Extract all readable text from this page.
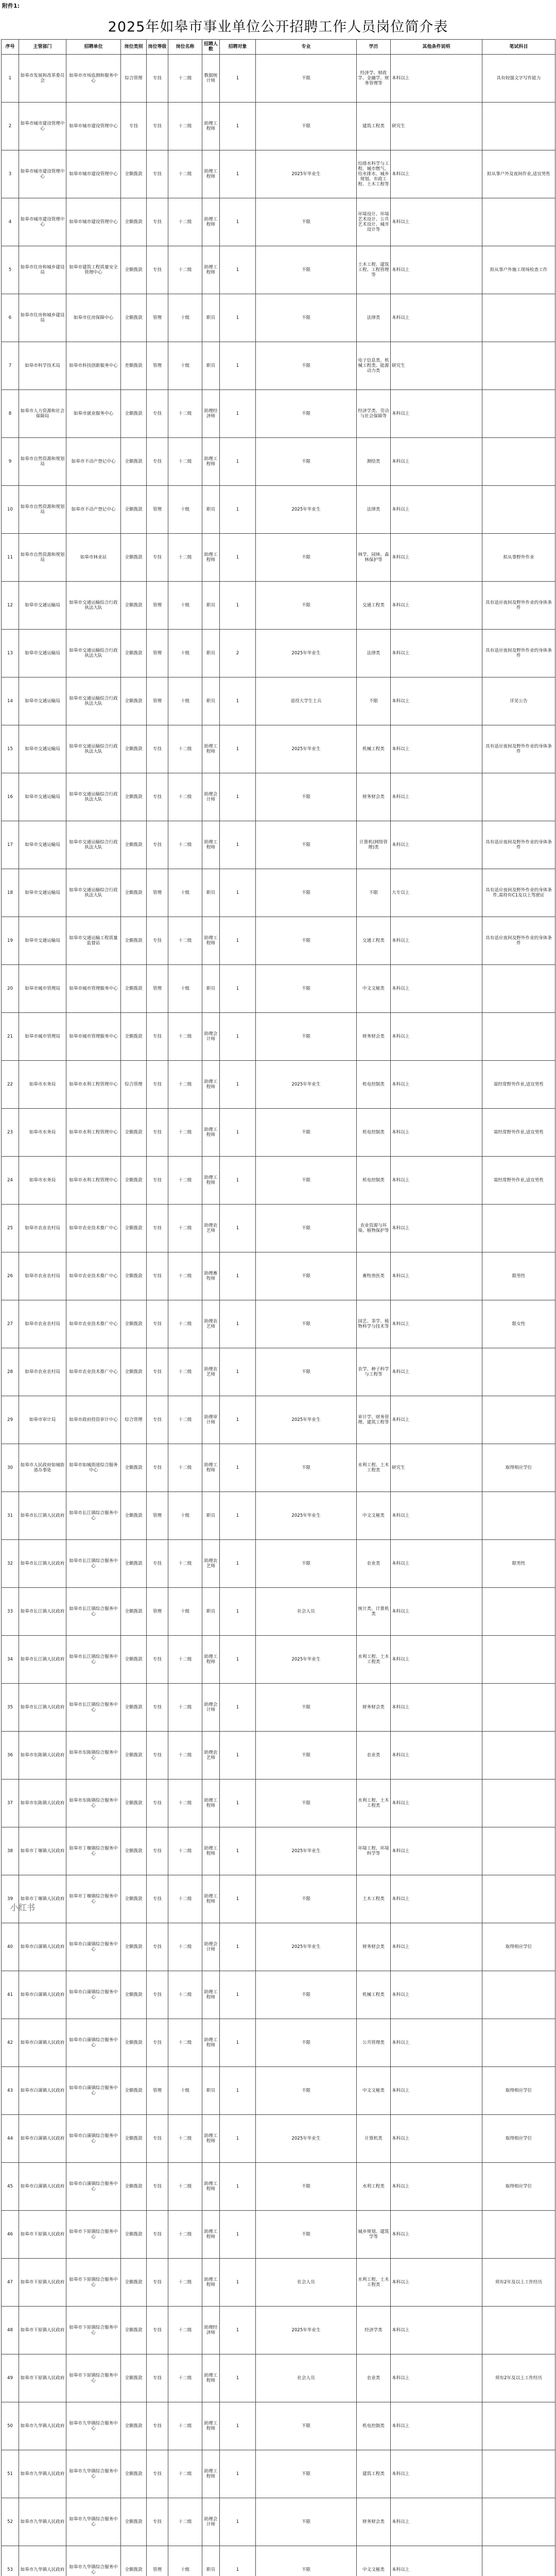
附件1:
2025年如皋市事业单位公开招聘工作人员岗位简介表
序号	主管部门	招聘单位	岗位类别	岗位等级	岗位名称	招聘人数	招聘对象	专业	学历	其他条件说明	笔试科目	
1	如皋市发展和改革委员会	如皋市市场监测和服务中心	综合管理	专技	十二级	数据统计师	1	不限	经济学、财政学、金融学、财务管理等	本科以上	具有较强文字写作能力	
2	如皋市城市建设管理中心	如皋市城市建设管理中心	专技	专技	十二级	助理工程师	1	不限	建筑工程类	研究生		
3	如皋市城市建设管理中心	如皋市城市建设管理中心	全额拨款	专技	十二级	助理工程师	1	2025年毕业生	给排水科学与工程、城市燃气、给水排水、城乡规划、市政工程、土木工程等	本科以上	拟从事户外及夜间作业,适宜男性	
4	如皋市城市建设管理中心	如皋市城市建设管理中心	全额拨款	专技	十二级	助理工程师	1	不限	环境设计、环境艺术设计、公共艺术设计、城市设计等	本科以上		
5	如皋市住房和城乡建设局	如皋市建筑工程质量安全管理中心	全额拨款	专技	十二级	助理工程师	1	不限	土木工程、建筑工程、工程管理等	本科以上	拟从事户外施工现场检查工作	
6	如皋市住房和城乡建设局	如皋市住房保障中心	全额拨款	管理	十级	职员	1	不限	法律类	本科以上		
7	如皋市科学技术局	如皋市科技创新服务中心	差额拨款	管理	十级	职员	1	不限	电子信息类、机械工程类、能源动力类	研究生		
8	如皋市人力资源和社会保障局	如皋市就业服务中心	全额拨款	专技	十二级	助理经济师	1	不限	经济学类、劳动与社会保障等	本科以上		
9	如皋市自然资源和规划局	如皋市不动产登记中心	全额拨款	专技	十二级	助理工程师	1	不限	测绘类	本科以上		
10	如皋市自然资源和规划局	如皋市不动产登记中心	全额拨款	管理	十级	职员	1	2025年毕业生	法律类	本科以上		
11	如皋市自然资源和规划局	如皋市林业站	全额拨款	专技	十二级	助理工程师	1	不限	林学、园林、森林保护等	本科以上	拟从事野外作业	
12	如皋市交通运输局	如皋市交通运输综合行政执法大队	全额拨款	管理	十级	职员	1	不限	交通工程类	本科以上	具有适应夜间及野外作业的身体条件	
13	如皋市交通运输局	如皋市交通运输综合行政执法大队	全额拨款	管理	十级	职员	2	2025年毕业生	法律类	本科以上	具有适应夜间及野外作业的身体条件	
14	如皋市交通运输局	如皋市交通运输综合行政执法大队	全额拨款	管理	十级	职员	1	退役大学生士兵	不限	本科以上	详见公告	
15	如皋市交通运输局	如皋市交通运输综合行政执法大队	全额拨款	专技	十二级	助理工程师	1	2025年毕业生	机械工程类	本科以上	具有适应夜间及野外作业的身体条件	
16	如皋市交通运输局	如皋市交通运输综合行政执法大队	全额拨款	专技	十二级	助理会计师	1	不限	财务财会类	本科以上		
17	如皋市交通运输局	如皋市交通运输综合行政执法大队	全额拨款	专技	十二级	助理工程师	1	不限	计算机(网络管理)类	本科以上	具有适应夜间及野外作业的身体条件	
18	如皋市交通运输局	如皋市交通运输综合行政执法大队	全额拨款	管理	十级	职员	1	不限	不限	大专以上	具有适应夜间及野外作业的身体条件,需持有C1及以上驾驶证	
19	如皋市交通运输局	如皋市交通运输工程质量监督站	全额拨款	专技	十二级	助理工程师	1	不限	交通工程类	本科以上	具有适应夜间及野外作业的身体条件	
20	如皋市城市管理局	如皋市城市管理服务中心	全额拨款	管理	十级	职员	1	不限	中文文秘类	本科以上		
21	如皋市城市管理局	如皋市城市管理服务中心	全额拨款	专技	十二级	助理会计师	1	不限	财务财会类	本科以上		
22	如皋市水务局	如皋市水利工程管理中心	综合管理	专技	十二级	助理工程师	1	2025年毕业生	机电控制类	本科以上	需经常野外作业,适宜男性	
23	如皋市水务局	如皋市水利工程管理中心	全额拨款	专技	十二级	助理工程师	1	不限	机电控制类	本科以上	需经常野外作业,适宜男性	
24	如皋市水务局	如皋市水利工程管理中心	全额拨款	专技	十二级	助理工程师	1	不限	机电控制类	本科以上	需经常野外作业,适宜男性	
25	如皋市农业农村局	如皋市农业技术推广中心	全额拨款	专技	十二级	助理农艺师	1	不限	农业资源与环境、植物保护等	本科以上		
26	如皋市农业农村局	如皋市农业技术推广中心	全额拨款	专技	十二级	助理畜牧师	1	不限	畜牧兽医类	本科以上	限男性	
27	如皋市农业农村局	如皋市农业技术推广中心	全额拨款	专技	十二级	助理农艺师	1	不限	园艺、茶学、植物科学与技术等	本科以上	限女性	
28	如皋市农业农村局	如皋市农业技术推广中心	全额拨款	专技	十二级	助理农艺师	1	不限	农学、种子科学与工程等	本科以上		
29	如皋市审计局	如皋市政府投资审计中心	综合管理	专技	十二级	助理审计师	1	2025年毕业生	审计学、财务管理、建筑工程等	本科以上		
30	如皋市人民政府如城街道办事处	如皋市如城街道综合服务中心	全额拨款	专技	十二级	助理工程师	1	不限	水利工程、土木工程类	研究生	取得相应学位	
31	如皋市长江镇人民政府	如皋市长江镇综合服务中心	全额拨款	管理	十级	职员	1	2025年毕业生	中文文秘类	本科以上		
32	如皋市长江镇人民政府	如皋市长江镇综合服务中心	全额拨款	专技	十二级	助理农艺师	1	不限	农业类	本科以上	限男性	
33	如皋市长江镇人民政府	如皋市长江镇综合服务中心	全额拨款	管理	十级	职员	1	社会人员	统计类、计算机类	本科以上		
34	如皋市长江镇人民政府	如皋市长江镇综合服务中心	全额拨款	专技	十二级	助理工程师	1	2025年毕业生	水利工程、土木工程类	本科以上		
35	如皋市长江镇人民政府	如皋市长江镇综合服务中心	全额拨款	专技	十二级	助理会计师	1	不限	财务财会类	本科以上		
36	如皋市东陈镇人民政府	如皋市东陈镇综合服务中心	全额拨款	专技	十二级	助理农艺师	1	不限	农业类	本科以上		
37	如皋市东陈镇人民政府	如皋市东陈镇综合服务中心	全额拨款	专技	十二级	助理工程师	1	不限	水利工程、土木工程类	本科以上		
38	如皋市丁堰镇人民政府	如皋市丁堰镇综合服务中心	全额拨款	专技	十二级	助理工程师	1	2025年毕业生	环境工程、环境科学等	本科以上		
39	如皋市丁堰镇人民政府	如皋市丁堰镇综合服务中心	全额拨款	专技	十二级	助理工程师	1	不限	土木工程类	本科以上		
40	如皋市白蒲镇人民政府	如皋市白蒲镇综合服务中心	全额拨款	专技	十二级	助理会计师	1	2025年毕业生	财务财会类	本科以上	取得相应学位	
41	如皋市白蒲镇人民政府	如皋市白蒲镇综合服务中心	全额拨款	专技	十二级	助理工程师	1	不限	机械工程类	本科以上		
42	如皋市白蒲镇人民政府	如皋市白蒲镇综合服务中心	全额拨款	专技	十二级	助理工程师	1	不限	公共管理类	本科以上		
43	如皋市白蒲镇人民政府	如皋市白蒲镇综合服务中心	全额拨款	管理	十级	职员	1	不限	中文文秘类	本科以上	取得相应学位	
44	如皋市白蒲镇人民政府	如皋市白蒲镇综合服务中心	全额拨款	专技	十二级	助理工程师	1	2025年毕业生	计算机类	本科以上	取得相应学位	
45	如皋市白蒲镇人民政府	如皋市白蒲镇综合服务中心	全额拨款	专技	十二级	助理工程师	1	不限	水利工程类	本科以上	取得相应学位	
46	如皋市下原镇人民政府	如皋市下原镇综合服务中心	全额拨款	专技	十二级	助理工程师	1	不限	城乡规划、建筑学等	本科以上		
47	如皋市下原镇人民政府	如皋市下原镇综合服务中心	全额拨款	专技	十二级	助理工程师	1	社会人员	水利工程、土木工程类	本科以上	须有2年及以上工作经历	
48	如皋市下原镇人民政府	如皋市下原镇综合服务中心	全额拨款	专技	十二级	助理经济师	1	2025年毕业生	经济学类	本科以上		
49	如皋市下原镇人民政府	如皋市下原镇综合服务中心	全额拨款	专技	十二级	助理工程师	1	社会人员	农业类	本科以上	须有2年及以上工作经历	
50	如皋市九华镇人民政府	如皋市九华镇综合服务中心	全额拨款	专技	十二级	助理工程师	1	不限	机电控制类	本科以上		
51	如皋市九华镇人民政府	如皋市九华镇综合服务中心	全额拨款	专技	十二级	助理工程师	1	不限	建筑工程类	本科以上		
52	如皋市九华镇人民政府	如皋市九华镇综合服务中心	全额拨款	专技	十二级	助理会计师	1	不限	财务财会类	本科以上		
53	如皋市九华镇人民政府	如皋市九华镇综合服务中心	全额拨款	管理	十级	职员	1	不限	中文文秘类	本科以上		

小红书
